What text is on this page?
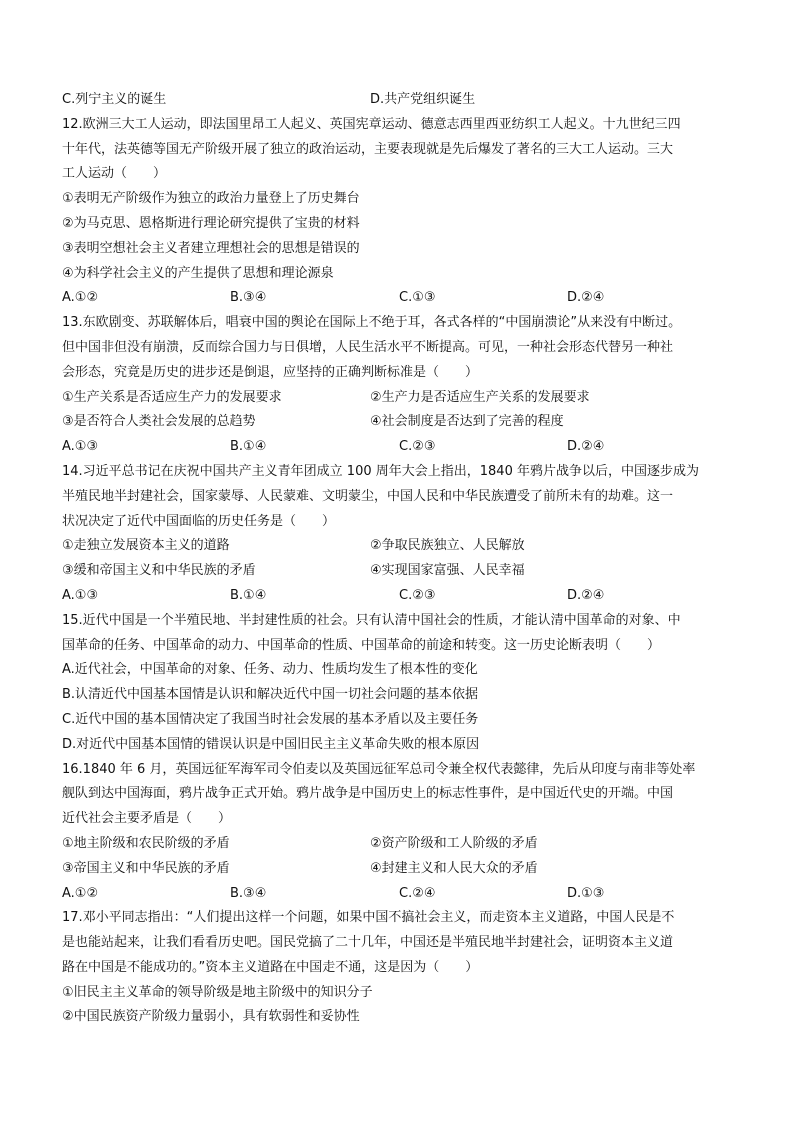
C.列宁主义的诞生	D.共产党组织诞生
12.欧洲三大工人运动，即法国里昂工人起义、英国宪章运动、德意志西里西亚纺织工人起义。十九世纪三四
十年代，法英德等国无产阶级开展了独立的政治运动，主要表现就是先后爆发了著名的三大工人运动。三大
工人运动（　　）
①表明无产阶级作为独立的政治力量登上了历史舞台
②为马克思、恩格斯进行理论研究提供了宝贵的材料
③表明空想社会主义者建立理想社会的思想是错误的
④为科学社会主义的产生提供了思想和理论源泉
A.①②	B.③④	C.①③	D.②④
13.东欧剧变、苏联解体后，唱衰中国的舆论在国际上不绝于耳，各式各样的“中国崩溃论”从来没有中断过。
但中国非但没有崩溃，反而综合国力与日俱增，人民生活水平不断提高。可见，一种社会形态代替另一种社
会形态，究竟是历史的进步还是倒退，应坚持的正确判断标准是（　　）
①生产关系是否适应生产力的发展要求	②生产力是否适应生产关系的发展要求
③是否符合人类社会发展的总趋势	④社会制度是否达到了完善的程度
A.①③	B.①④	C.②③	D.②④
14.习近平总书记在庆祝中国共产主义青年团成立 100 周年大会上指出，1840 年鸦片战争以后，中国逐步成为
半殖民地半封建社会，国家蒙辱、人民蒙难、文明蒙尘，中国人民和中华民族遭受了前所未有的劫难。这一
状况决定了近代中国面临的历史任务是（　　）
①走独立发展资本主义的道路	②争取民族独立、人民解放
③缓和帝国主义和中华民族的矛盾	④实现国家富强、人民幸福
A.①③	B.①④	C.②③	D.②④
15.近代中国是一个半殖民地、半封建性质的社会。只有认清中国社会的性质，才能认清中国革命的对象、中
国革命的任务、中国革命的动力、中国革命的性质、中国革命的前途和转变。这一历史论断表明（　　）
A.近代社会，中国革命的对象、任务、动力、性质均发生了根本性的变化
B.认清近代中国基本国情是认识和解决近代中国一切社会问题的基本依据
C.近代中国的基本国情决定了我国当时社会发展的基本矛盾以及主要任务
D.对近代中国基本国情的错误认识是中国旧民主主义革命失败的根本原因
16.1840 年 6 月，英国远征军海军司令伯麦以及英国远征军总司令兼全权代表懿律，先后从印度与南非等处率
舰队到达中国海面，鸦片战争正式开始。鸦片战争是中国历史上的标志性事件，是中国近代史的开端。中国
近代社会主要矛盾是（　　）
①地主阶级和农民阶级的矛盾	②资产阶级和工人阶级的矛盾
③帝国主义和中华民族的矛盾	④封建主义和人民大众的矛盾
A.①②	B.③④	C.②④	D.①③
17.邓小平同志指出：“人们提出这样一个问题，如果中国不搞社会主义，而走资本主义道路，中国人民是不
是也能站起来，让我们看看历史吧。国民党搞了二十几年，中国还是半殖民地半封建社会，证明资本主义道
路在中国是不能成功的。”资本主义道路在中国走不通，这是因为（　　）
①旧民主主义革命的领导阶级是地主阶级中的知识分子
②中国民族资产阶级力量弱小，具有软弱性和妥协性
